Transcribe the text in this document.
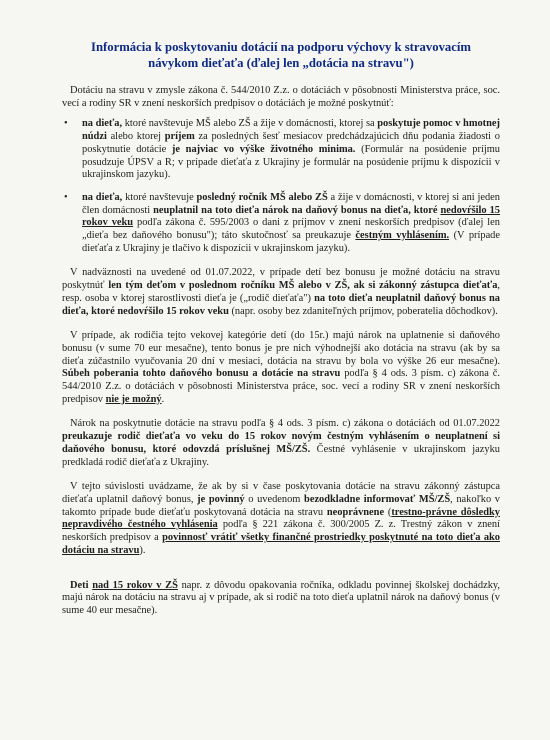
Informácia k poskytovaniu dotácií na podporu výchovy k stravovacím
návykom dieťaťa (ďalej len „dotácia na stravu")

Dotáciu na stravu v zmysle zákona č. 544/2010 Z.z. o dotáciách v pôsobnosti Ministerstva práce, soc. vecí a rodiny SR v znení neskorších predpisov o dotáciách je možné poskytnúť:

• na dieťa, ktoré navštevuje MŠ alebo ZŠ a žije v domácnosti, ktorej sa poskytuje pomoc v hmotnej núdzi alebo ktorej príjem za posledných šesť mesiacov predchádzajúcich dňu podania žiadosti o poskytnutie dotácie je najviac vo výške životného minima. (Formulár na posúdenie príjmu posudzuje ÚPSV a R; v prípade dieťaťa z Ukrajiny je formulár na posúdenie príjmu k dispozícii v ukrajinskom jazyku).
• na dieťa, ktoré navštevuje posledný ročník MŠ alebo ZŠ a žije v domácnosti, v ktorej si ani jeden člen domácnosti neuplatnil na toto dieťa nárok na daňový bonus na dieťa, ktoré nedovŕšilo 15 rokov veku podľa zákona č. 595/2003 o dani z príjmov v znení neskorších predpisov (ďalej len „dieťa bez daňového bonusu"); táto skutočnosť sa preukazuje čestným vyhlásením. (V prípade dieťaťa z Ukrajiny je tlačivo k dispozícii v ukrajinskom jazyku).

V nadväznosti na uvedené od 01.07.2022, v prípade detí bez bonusu je možné dotáciu na stravu poskytnúť len tým deťom v poslednom ročníku MŠ alebo v ZŠ, ak si zákonný zástupca dieťaťa, resp. osoba v ktorej starostlivosti dieťa je („rodič dieťaťa") na toto dieťa neuplatnil daňový bonus na dieťa, ktoré nedovŕšilo 15 rokov veku (napr. osoby bez zdaniteľných príjmov, poberatelia dôchodkov).

V prípade, ak rodičia tejto vekovej kategórie detí (do 15r.) majú nárok na uplatnenie si daňového bonusu (v sume 70 eur mesačne), tento bonus je pre nich výhodnejší ako dotácia na stravu (ak by sa dieťa zúčastnilo vyučovania 20 dní v mesiaci, dotácia na stravu by bola vo výške 26 eur mesačne). Súbeh poberania tohto daňového bonusu a dotácie na stravu podľa § 4 ods. 3 písm. c) zákona č. 544/2010 Z.z. o dotáciách v pôsobnosti Ministerstva práce, soc. vecí a rodiny SR v znení neskorších predpisov nie je možný.

Nárok na poskytnutie dotácie na stravu podľa § 4 ods. 3 písm. c) zákona o dotáciách od 01.07.2022 preukazuje rodič dieťaťa vo veku do 15 rokov novým čestným vyhlásením o neuplatnení si daňového bonusu, ktoré odovzdá príslušnej MŠ/ZŠ. Čestné vyhlásenie v ukrajinskom jazyku predkladá rodič dieťaťa z Ukrajiny.

V tejto súvislosti uvádzame, že ak by si v čase poskytovania dotácie na stravu zákonný zástupca dieťaťa uplatnil daňový bonus, je povinný o uvedenom bezodkladne informovať MŠ/ZŠ, nakoľko v takomto prípade bude dieťaťu poskytovaná dotácia na stravu neoprávnene (trestno-právne dôsledky nepravdivého čestného vyhlásenia podľa § 221 zákona č. 300/2005 Z. z. Trestný zákon v znení neskorších predpisov a povinnosť vrátiť všetky finančné prostriedky poskytnuté na toto dieťa ako dotáciu na stravu).

Deti nad 15 rokov v ZŠ napr. z dôvodu opakovania ročníka, odkladu povinnej školskej dochádzky, majú nárok na dotáciu na stravu aj v prípade, ak si rodič na toto dieťa uplatnil nárok na daňový bonus (v sume 40 eur mesačne).
